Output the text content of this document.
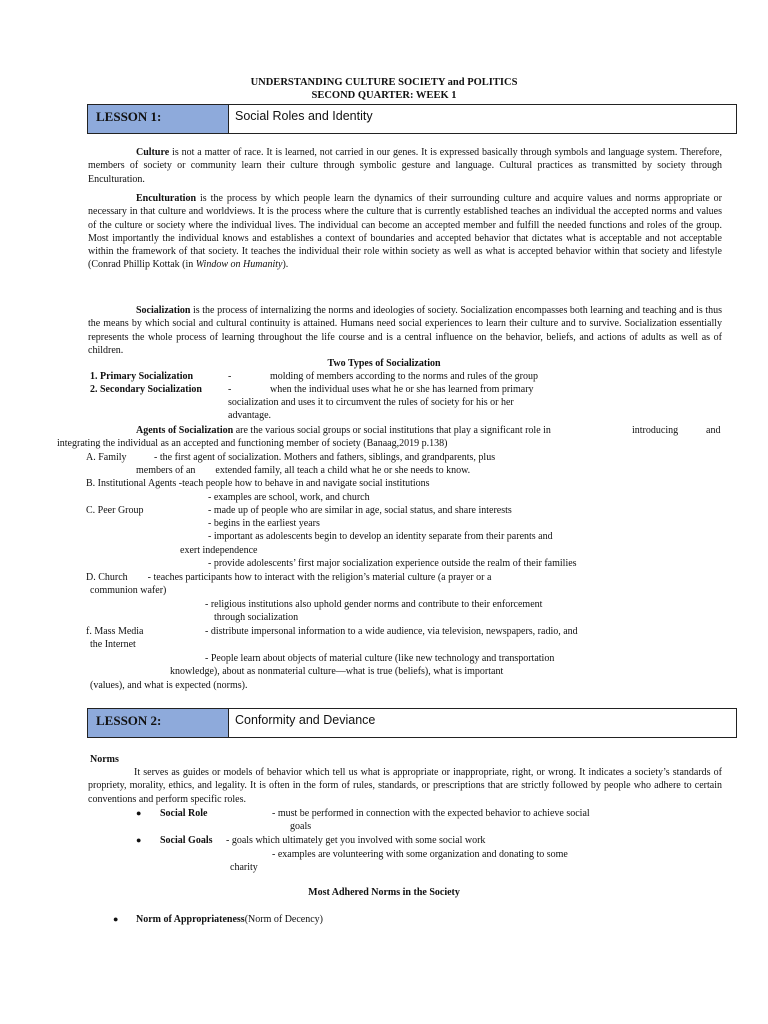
UNDERSTANDING CULTURE SOCIETY and POLITICS
SECOND QUARTER: WEEK 1
LESSON 1:	Social Roles and Identity
Culture is not a matter of race. It is learned, not carried in our genes. It is expressed basically through symbols and language system. Therefore, members of society or community learn their culture through symbolic gesture and language. Cultural practices as transmitted by society through Enculturation.
Enculturation is the process by which people learn the dynamics of their surrounding culture and acquire values and norms appropriate or necessary in that culture and worldviews. It is the process where the culture that is currently established teaches an individual the accepted norms and values of the culture or society where the individual lives. The individual can become an accepted member and fulfill the needed functions and roles of the group. Most importantly the individual knows and establishes a context of boundaries and accepted behavior that dictates what is acceptable and not acceptable within the framework of that society. It teaches the individual their role within society as well as what is accepted behavior within that society and lifestyle (Conrad Phillip Kottak (in Window on Humanity).
Socialization is the process of internalizing the norms and ideologies of society. Socialization encompasses both learning and teaching and is thus the means by which social and cultural continuity is attained. Humans need social experiences to learn their culture and to survive. Socialization essentially represents the whole process of learning throughout the life course and is a central influence on the behavior, beliefs, and actions of adults as well as of children.
Two Types of Socialization
1. Primary Socialization	-	molding of members according to the norms and rules of the group
2. Secondary Socialization	-	when the individual uses what he or she has learned from primary
socialization and uses it to circumvent the rules of society for his or her
advantage.
Agents of Socialization are the various social groups or social institutions that play a significant role in	introducing	and
integrating the individual as an accepted and functioning member of society (Banaag,2019 p.138)
A. Family           - the first agent of socialization. Mothers and fathers, siblings, and grandparents, plus
members of an        extended family, all teach a child what he or she needs to know.
B. Institutional Agents -teach people how to behave in and navigate social institutions
- examples are school, work, and church
C. Peer Group	- made up of people who are similar in age, social status, and share interests
- begins in the earliest years
- important as adolescents begin to develop an identity separate from their parents and
exert independence
- provide adolescents’ first major socialization experience outside the realm of their families
D. Church        - teaches participants how to interact with the religion’s material culture (a prayer or a
communion wafer)
- religious institutions also uphold gender norms and contribute to their enforcement
through socialization
f. Mass Media	- distribute impersonal information to a wide audience, via television, newspapers, radio, and
the Internet
- People learn about objects of material culture (like new technology and transportation
knowledge), about as nonmaterial culture—what is true (beliefs), what is important
(values), and what is expected (norms).
LESSON 2:	Conformity and Deviance
Norms
It serves as guides or models of behavior which tell us what is appropriate or inappropriate, right, or wrong. It indicates a society’s standards of propriety, morality, ethics, and legality. It is often in the form of rules, standards, or prescriptions that are strictly followed by people who adhere to certain conventions and perform specific roles.
● Social Role	- must be performed in connection with the expected behavior to achieve social
goals
● Social Goals - goals which ultimately get you involved with some social work
- examples are volunteering with some organization and donating to some
charity
Most Adhered Norms in the Society
● Norm of Appropriateness(Norm of Decency)
